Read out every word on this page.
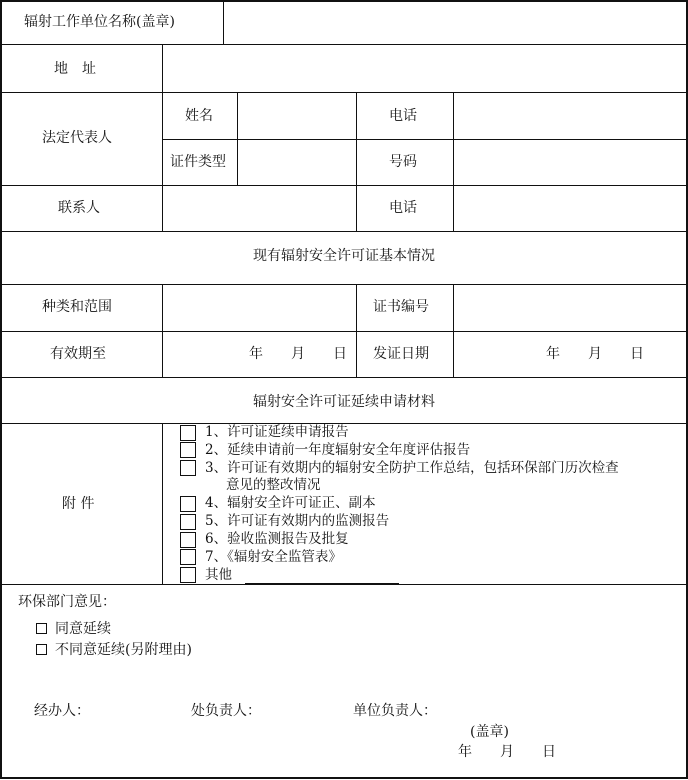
辐射工作单位名称(盖章)
地　址
法定代表人
姓名	电话
证件类型	号码
联系人	电话
现有辐射安全许可证基本情况
种类和范围	证书编号
有效期至	年　　月　　日 发证日期	年　　月　　日
辐射安全许可证延续申请材料
附 件
1、许可证延续申请报告
2、延续申请前一年度辐射安全年度评估报告
3、许可证有效期内的辐射安全防护工作总结，包括环保部门历次检查
意见的整改情况
4、辐射安全许可证正、副本
5、许可证有效期内的监测报告
6、验收监测报告及批复
7、《辐射安全监管表》
其他
环保部门意见：
同意延续
不同意延续(另附理由)
经办人：	处负责人：	单位负责人：
(盖章)
年　　月　　日
